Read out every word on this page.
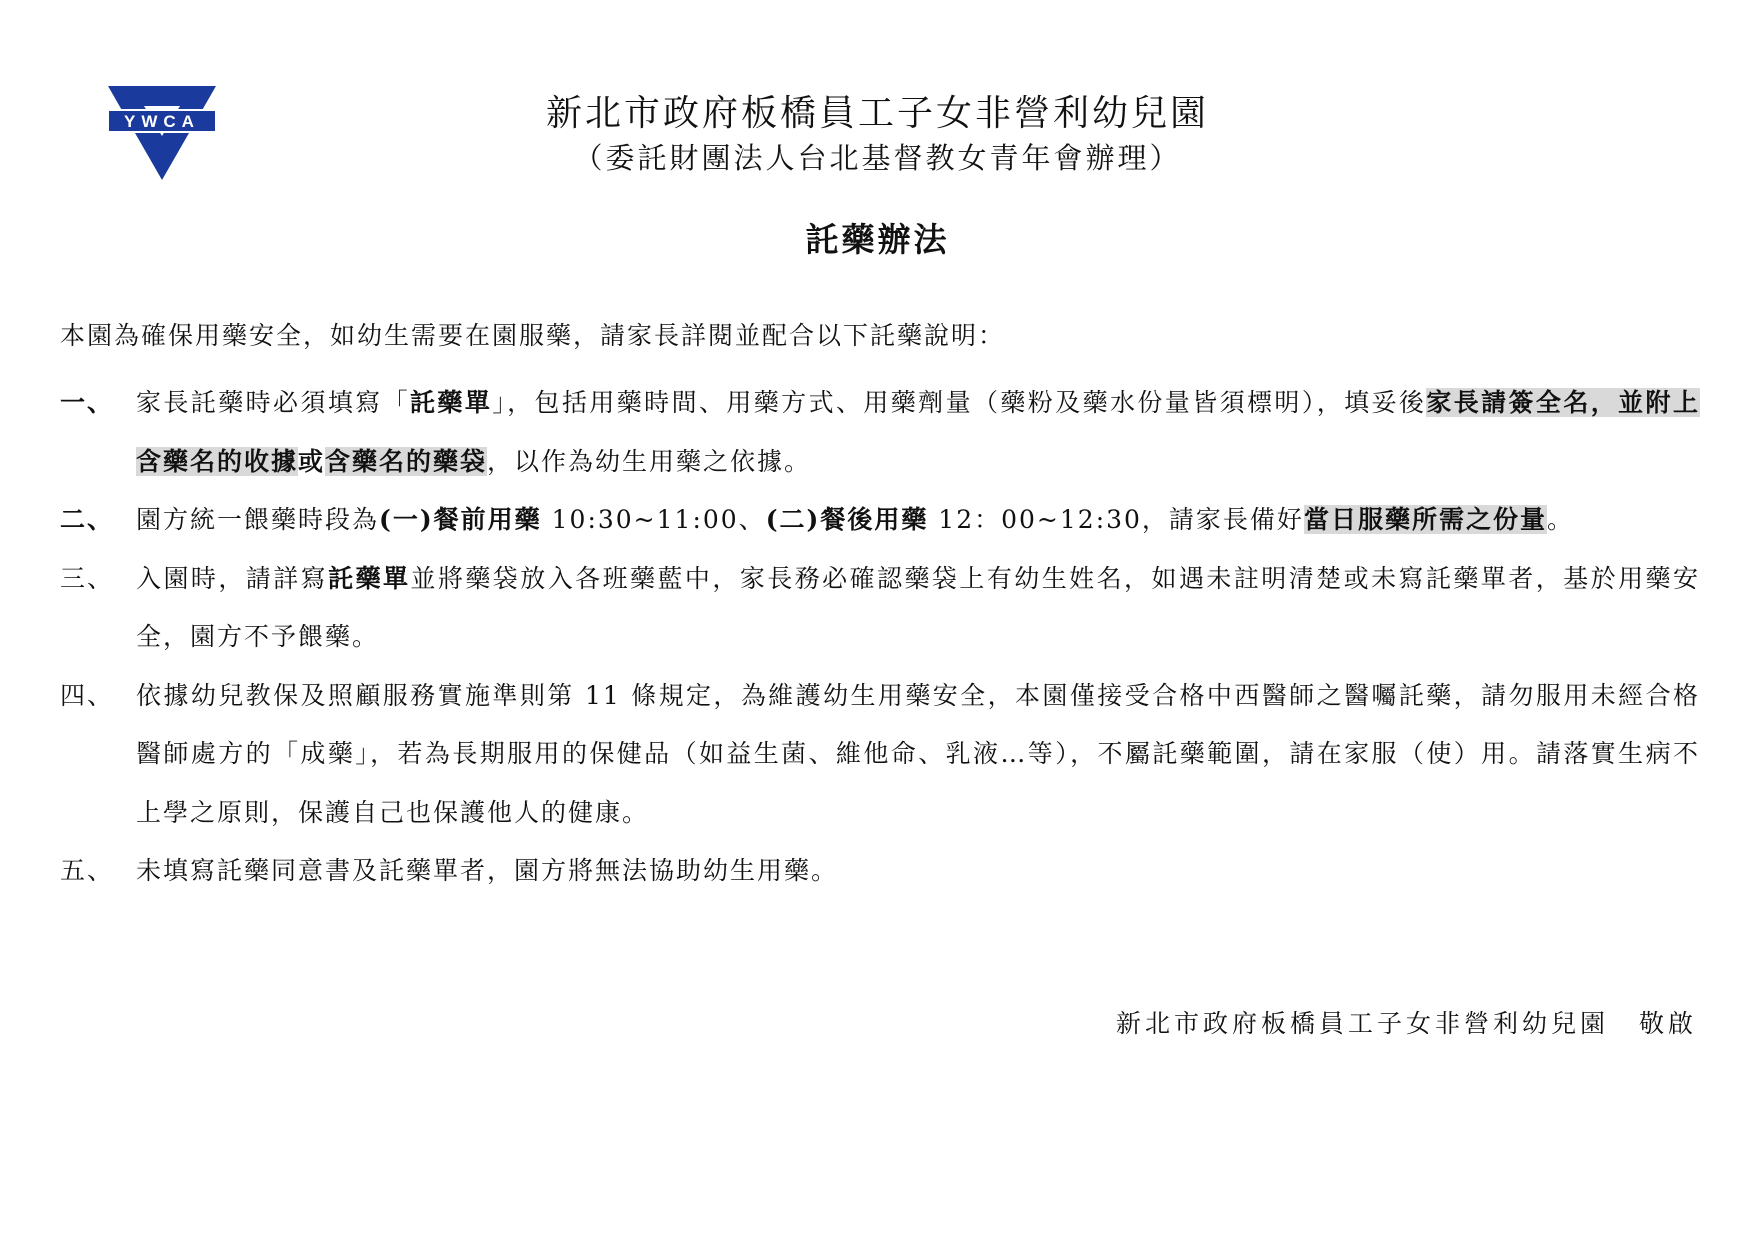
YWCA	新北市政府板橋員工子女非營利幼兒園
（委託財團法人台北基督教女青年會辦理）
託藥辦法
本園為確保用藥安全，如幼生需要在園服藥，請家長詳閱並配合以下託藥說明：
一、 家長託藥時必須填寫「託藥單」，包括用藥時間、用藥方式、用藥劑量（藥粉及藥水份量皆須標明），填妥後家長請簽全名，並附上含藥名的收據或含藥名的藥袋，以作為幼生用藥之依據。
二、 園方統一餵藥時段為(一)餐前用藥 10:30~11:00、(二)餐後用藥 12：00~12:30，請家長備好當日服藥所需之份量。
三、 入園時，請詳寫託藥單並將藥袋放入各班藥藍中，家長務必確認藥袋上有幼生姓名，如遇未註明清楚或未寫託藥單者，基於用藥安全，園方不予餵藥。
四、 依據幼兒教保及照顧服務實施準則第 11 條規定，為維護幼生用藥安全，本園僅接受合格中西醫師之醫囑託藥，請勿服用未經合格醫師處方的「成藥」，若為長期服用的保健品（如益生菌、維他命、乳液…等），不屬託藥範圍，請在家服（使）用。請落實生病不上學之原則，保護自己也保護他人的健康。
五、 未填寫託藥同意書及託藥單者，園方將無法協助幼生用藥。
新北市政府板橋員工子女非營利幼兒園 敬啟
